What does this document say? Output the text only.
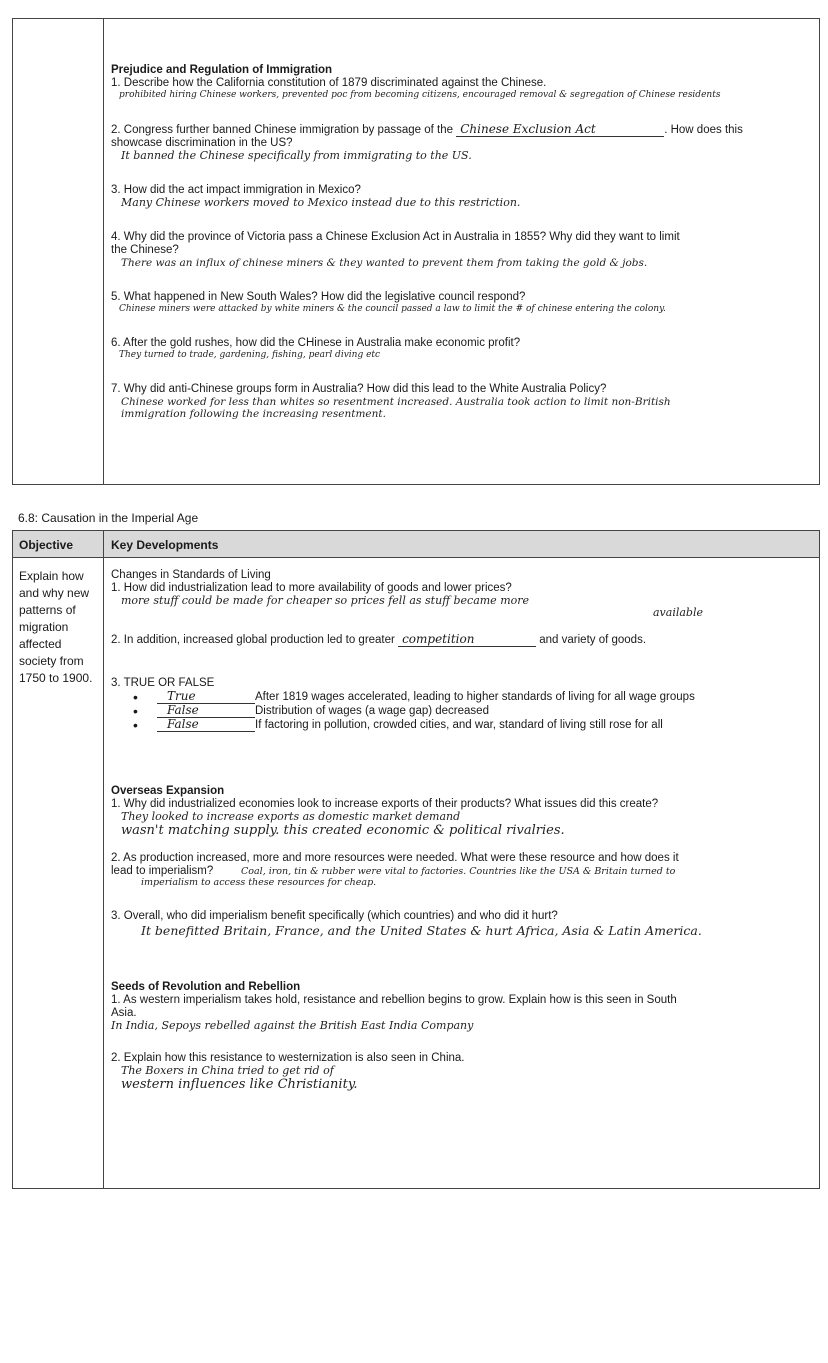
Prejudice and Regulation of Immigration

1. Describe how the California constitution of 1879 discriminated against the Chinese.

prohibited hiring Chinese workers, prevented poc from becoming citizens, encouraged removal & segregation of Chinese residents

2. Congress further banned Chinese immigration by passage of the Chinese Exclusion Act	. How does this

showcase discrimination in the US?

It banned the Chinese specifically from immigrating to the US.

3. How did the act impact immigration in Mexico?

Many Chinese workers moved to Mexico instead due to this restriction.

4. Why did the province of Victoria pass a Chinese Exclusion Act in Australia in 1855? Why did they want to limit

the Chinese?

There was an influx of chinese miners & they wanted to prevent them from taking the gold & jobs.

5. What happened in New South Wales? How did the legislative council respond?

Chinese miners were attacked by white miners & the council passed a law to limit the # of chinese entering the colony.

6. After the gold rushes, how did the CHinese in Australia make economic profit?

They turned to trade, gardening, fishing, pearl diving etc

7. Why did anti-Chinese groups form in Australia? How did this lead to the White Australia Policy?

Chinese worked for less than whites so resentment increased. Australia took action to limit non-British

immigration following the increasing resentment.

6.8: Causation in the Imperial Age

Objective	Key Developments
Explain how and why new patterns of migration affected society from 1750 to 1900.

Changes in Standards of Living

1. How did industrialization lead to more availability of goods and lower prices?

more stuff could be made for cheaper so prices fell as stuff became more

available

2. In addition, increased global production led to greater competition	and variety of goods.

3. TRUE OR FALSE

•	True	After 1819 wages accelerated, leading to higher standards of living for all wage groups

•	False	Distribution of wages (a wage gap) decreased

•	False	If factoring in pollution, crowded cities, and war, standard of living still rose for all

Overseas Expansion

1. Why did industrialized economies look to increase exports of their products? What issues did this create?

They looked to increase exports as domestic market demand

wasn't matching supply. this created economic & political rivalries.

2. As production increased, more and more resources were needed. What were these resource and how does it

lead to imperialism?	Coal, iron, tin & rubber were vital to factories. Countries like the USA & Britain turned to

imperialism to access these resources for cheap.

3. Overall, who did imperialism benefit specifically (which countries) and who did it hurt?

It benefitted Britain, France, and the United States & hurt Africa, Asia & Latin America.

Seeds of Revolution and Rebellion

1. As western imperialism takes hold, resistance and rebellion begins to grow. Explain how is this seen in South

Asia.

In India, Sepoys rebelled against the British East India Company

2. Explain how this resistance to westernization is also seen in China.

The Boxers in China tried to get rid of

western influences like Christianity.
